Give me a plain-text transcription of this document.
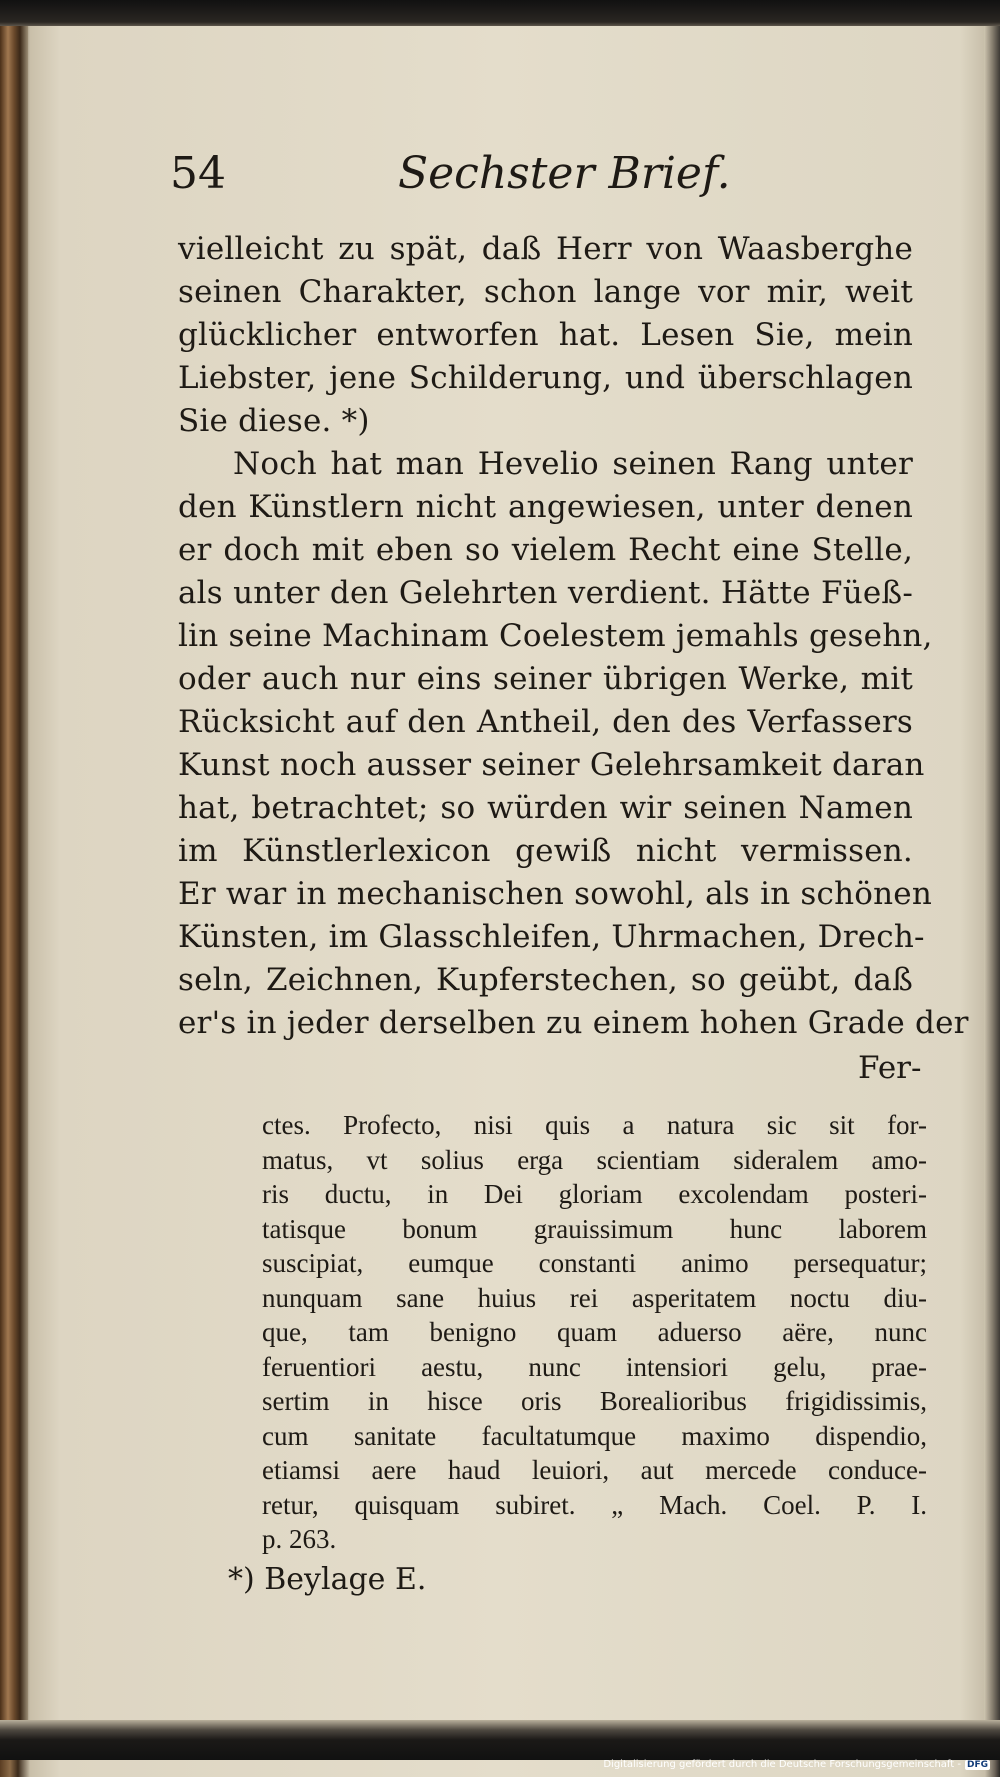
54	Sechster Brief.
vielleicht zu spät, daß Herr von Waasberghe
seinen Charakter, schon lange vor mir, weit
glücklicher entworfen hat. Lesen Sie, mein
Liebster, jene Schilderung, und überschlagen
Sie diese. *)
Noch hat man Hevelio seinen Rang unter
den Künstlern nicht angewiesen, unter denen
er doch mit eben so vielem Recht eine Stelle,
als unter den Gelehrten verdient. Hätte Füeß-
lin seine Machinam Coelestem jemahls gesehn,
oder auch nur eins seiner übrigen Werke, mit
Rücksicht auf den Antheil, den des Verfassers
Kunst noch ausser seiner Gelehrsamkeit daran
hat, betrachtet; so würden wir seinen Namen
im Künstlerlexicon gewiß nicht vermissen.
Er war in mechanischen sowohl, als in schönen
Künsten, im Glasschleifen, Uhrmachen, Drech-
seln, Zeichnen, Kupferstechen, so geübt, daß
er's in jeder derselben zu einem hohen Grade der
Fer-
ctes. Profecto, nisi quis a natura sic sit for-
matus, vt solius erga scientiam sideralem amo-
ris ductu, in Dei gloriam excolendam posteri-
tatisque bonum grauissimum hunc laborem
suscipiat, eumque constanti animo persequatur;
nunquam sane huius rei asperitatem noctu diu-
que, tam benigno quam aduerso aëre, nunc
feruentiori aestu, nunc intensiori gelu, prae-
sertim in hisce oris Borealioribus frigidissimis,
cum sanitate facultatumque maximo dispendio,
etiamsi aere haud leuiori, aut mercede conduce-
retur, quisquam subiret. „ Mach. Coel. P. I.
p. 263.
*) Beylage E.
Digitalisierung gefördert durch die Deutsche Forschungsgemeinschaft - DFG
